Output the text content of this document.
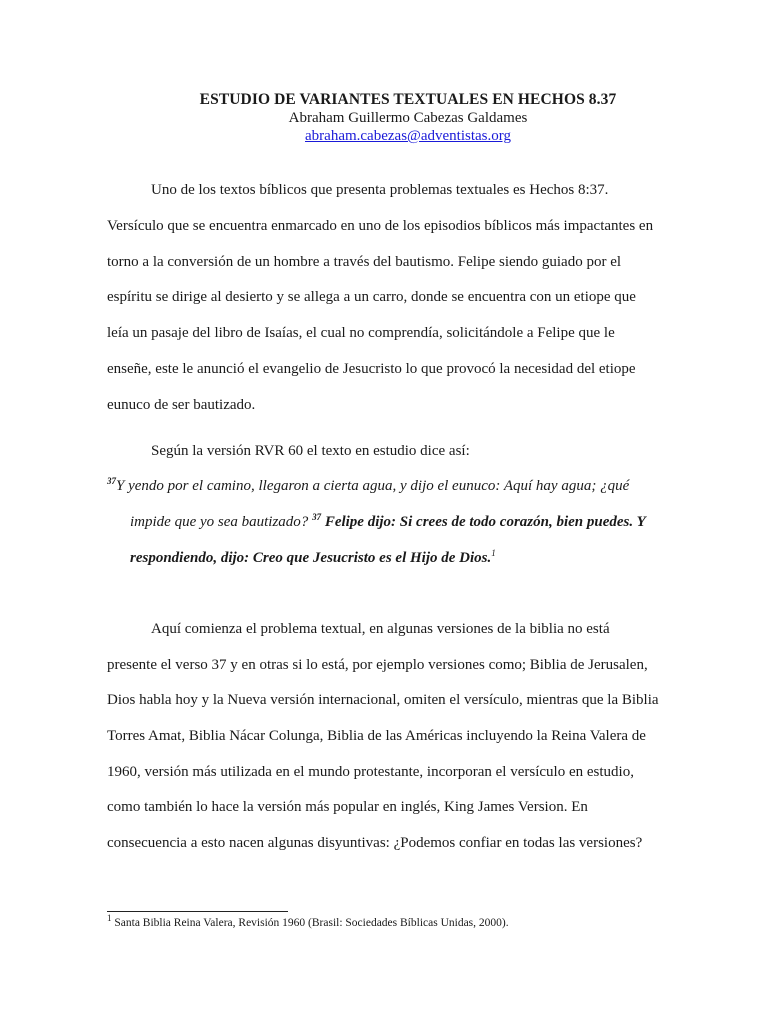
ESTUDIO DE VARIANTES TEXTUALES EN HECHOS 8.37
Abraham Guillermo Cabezas Galdames
abraham.cabezas@adventistas.org
Uno de los textos bíblicos que presenta problemas textuales es Hechos 8:37.
Versículo que se encuentra enmarcado en uno de los episodios bíblicos más impactantes en
torno a la conversión de un hombre a través del bautismo. Felipe siendo guiado por el
espíritu se dirige al desierto y se allega a un carro, donde se encuentra con un etiope que
leía un pasaje del libro de Isaías, el cual no comprendía, solicitándole a Felipe que le
enseñe, este le anunció el evangelio de Jesucristo lo que provocó la necesidad del etiope
eunuco de ser bautizado.
Según la versión RVR 60 el texto en estudio dice así:
$^{37}$Y yendo por el camino, llegaron a cierta agua, y dijo el eunuco: Aquí hay agua; ¿qué
impide que yo sea bautizado? $^{37}$ Felipe dijo: Si crees de todo corazón, bien puedes. Y
respondiendo, dijo: Creo que Jesucristo es el Hijo de Dios.$^1$
Aquí comienza el problema textual, en algunas versiones de la biblia no está
presente el verso 37 y en otras si lo está, por ejemplo versiones como; Biblia de Jerusalen,
Dios habla hoy y la Nueva versión internacional, omiten el versículo, mientras que la Biblia
Torres Amat, Biblia Nácar Colunga, Biblia de las Américas incluyendo la Reina Valera de
1960, versión más utilizada en el mundo protestante, incorporan el versículo en estudio,
como también lo hace la versión más popular en inglés, King James Version. En
consecuencia a esto nacen algunas disyuntivas: ¿Podemos confiar en todas las versiones?
$^1$ Santa Biblia Reina Valera, Revisión 1960 (Brasil: Sociedades Bíblicas Unidas, 2000).
